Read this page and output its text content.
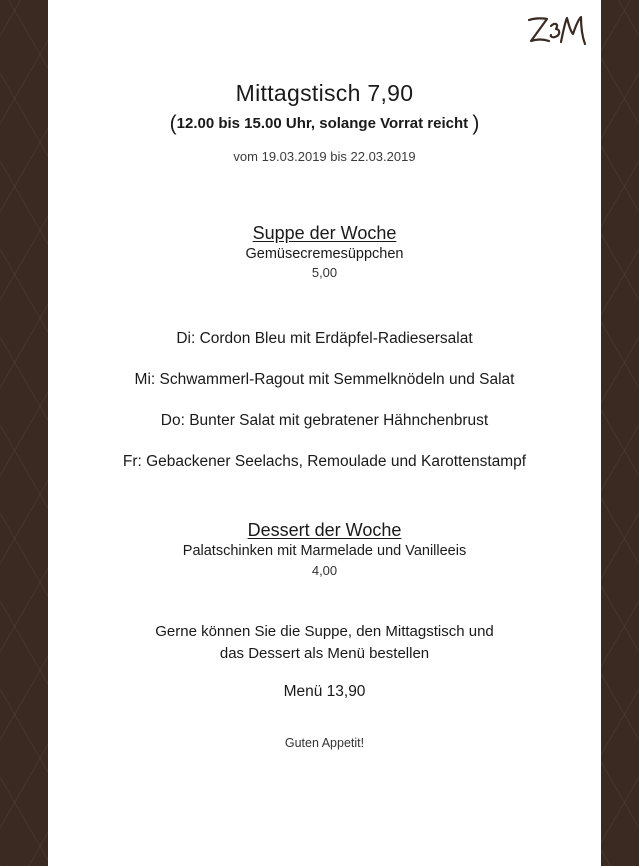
Mittagstisch 7,90
(12.00 bis 15.00 Uhr, solange Vorrat reicht )
vom 19.03.2019 bis 22.03.2019
Suppe der Woche
Gemüsecremesüppchen
5,00
Di: Cordon Bleu mit Erdäpfel-Radiesersalat
Mi: Schwammerl-Ragout mit Semmelknödeln und Salat
Do: Bunter Salat mit gebratener Hähnchenbrust
Fr: Gebackener Seelachs, Remoulade und Karottenstampf
Dessert der Woche
Palatschinken mit Marmelade und Vanilleeis
4,00
Gerne können Sie die Suppe, den Mittagstisch und
das Dessert als Menü bestellen
Menü 13,90
Guten Appetit!
